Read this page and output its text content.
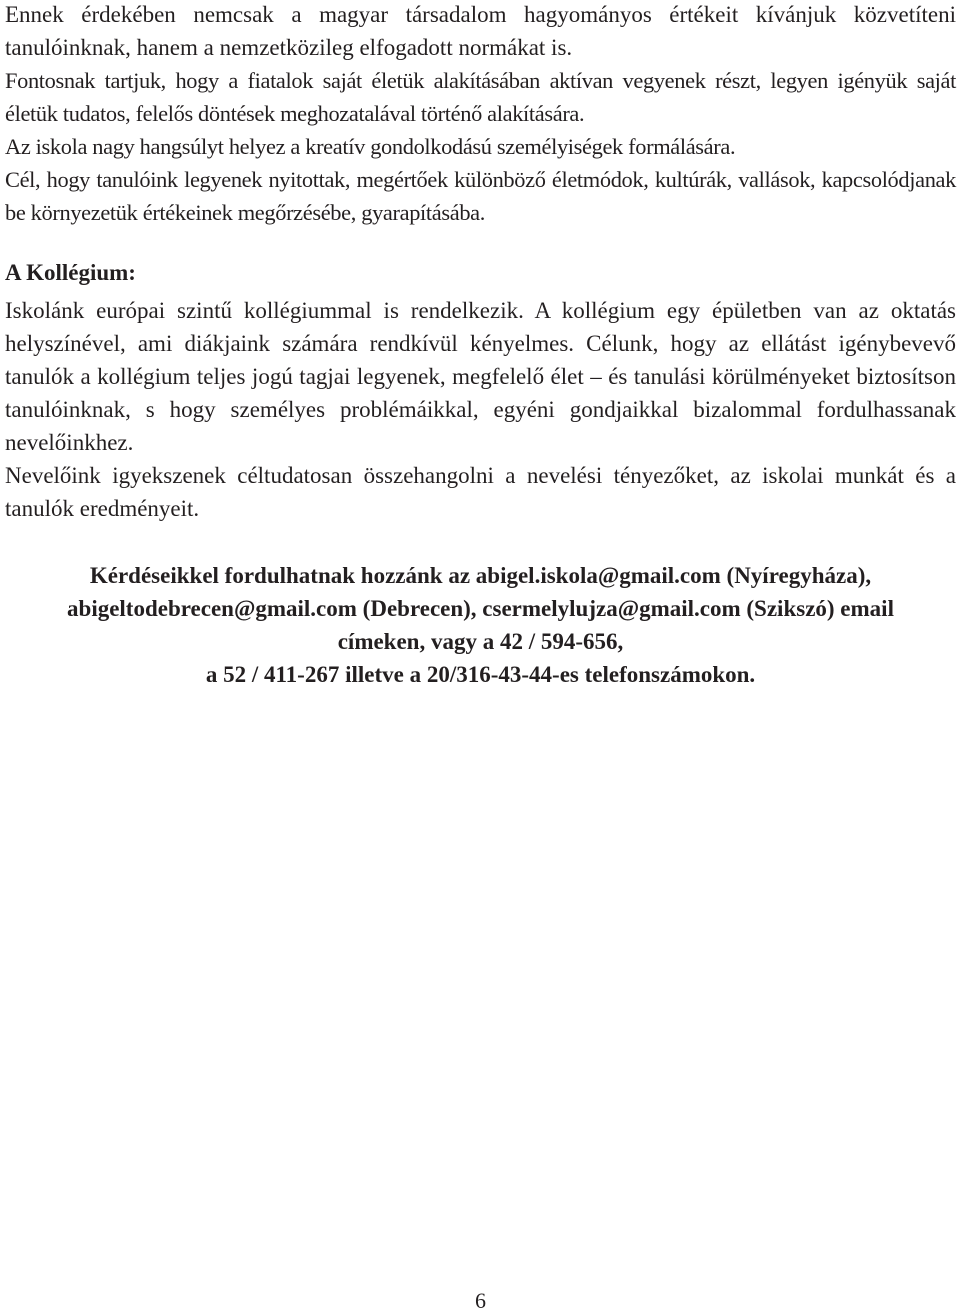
Ennek érdekében nemcsak a magyar társadalom hagyományos értékeit kívánjuk közvetíteni tanulóinknak, hanem a nemzetközileg elfogadott normákat is.

Fontosnak tartjuk, hogy a fiatalok saját életük alakításában aktívan vegyenek részt, legyen igényük saját életük tudatos, felelős döntések meghozatalával történő alakítására.

Az iskola nagy hangsúlyt helyez a kreatív gondolkodású személyiségek formálására.

Cél, hogy tanulóink legyenek nyitottak, megértőek különböző életmódok, kultúrák, vallások, kapcsolódjanak be környezetük értékeinek megőrzésébe, gyarapításába.

A Kollégium:

Iskolánk európai szintű kollégiummal is rendelkezik. A kollégium egy épületben van az oktatás helyszínével, ami diákjaink számára rendkívül kényelmes. Célunk, hogy az ellátást igénybevevő tanulók a kollégium teljes jogú tagjai legyenek, megfelelő élet – és tanulási körülményeket biztosítson tanulóinknak, s hogy személyes problémáikkal, egyéni gondjaikkal bizalommal fordulhassanak nevelőinkhez.

Nevelőink igyekszenek céltudatosan összehangolni a nevelési tényezőket, az iskolai munkát és a tanulók eredményeit.

Kérdéseikkel fordulhatnak hozzánk az abigel.iskola@gmail.com (Nyíregyháza),
abigeltodebrecen@gmail.com (Debrecen), csermelylujza@gmail.com (Szikszó) email
címeken, vagy a 42 / 594-656,
a 52 / 411-267 illetve a 20/316-43-44-es telefonszámokon.

6
